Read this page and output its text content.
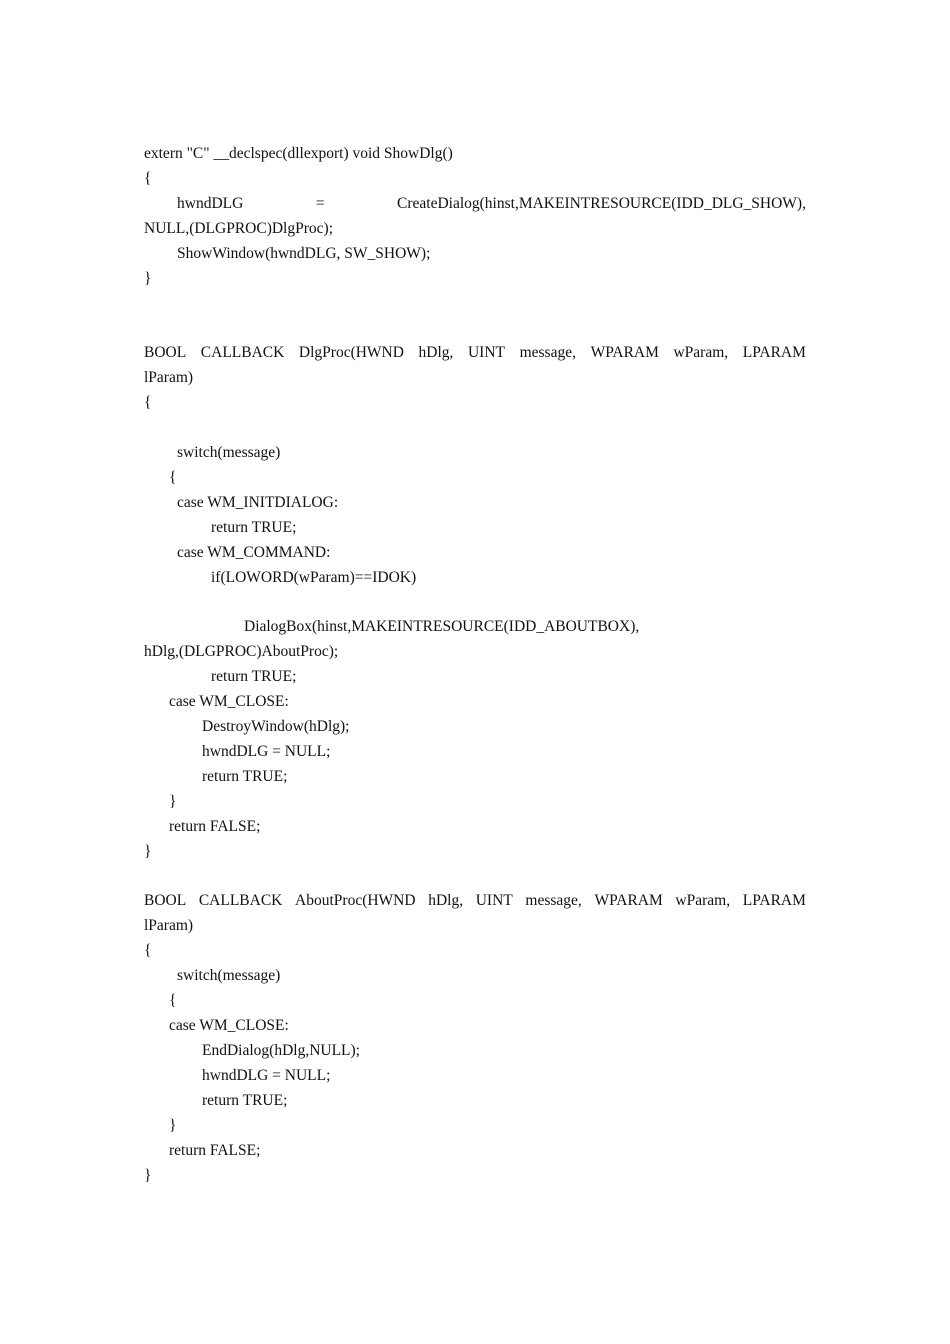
extern "C" __declspec(dllexport) void ShowDlg()
{
hwndDLG	=	CreateDialog(hinst,MAKEINTRESOURCE(IDD_DLG_SHOW),
NULL,(DLGPROC)DlgProc);
ShowWindow(hwndDLG, SW_SHOW);
}
BOOL CALLBACK DlgProc(HWND hDlg, UINT message, WPARAM wParam, LPARAM
lParam)
{
switch(message)
{
case WM_INITDIALOG:
return TRUE;
case WM_COMMAND:
if(LOWORD(wParam)==IDOK)
DialogBox(hinst,MAKEINTRESOURCE(IDD_ABOUTBOX),
hDlg,(DLGPROC)AboutProc);
return TRUE;
case WM_CLOSE:
DestroyWindow(hDlg);
hwndDLG = NULL;
return TRUE;
}
return FALSE;
}
BOOL CALLBACK AboutProc(HWND hDlg, UINT message, WPARAM wParam, LPARAM
lParam)
{
switch(message)
{
case WM_CLOSE:
EndDialog(hDlg,NULL);
hwndDLG = NULL;
return TRUE;
}
return FALSE;
}
